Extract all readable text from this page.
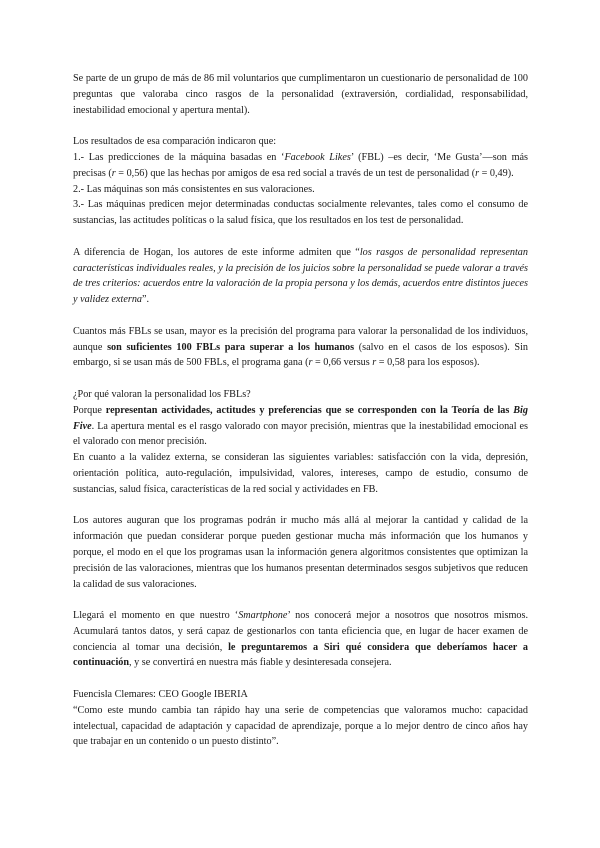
Se parte de un grupo de más de 86 mil voluntarios que cumplimentaron un cuestionario de personalidad de 100 preguntas que valoraba cinco rasgos de la personalidad (extraversión, cordialidad, responsabilidad, inestabilidad emocional y apertura mental).

Los resultados de esa comparación indicaron que:

1.- Las predicciones de la máquina basadas en ‘Facebook Likes’ (FBL) –es decir, ‘Me Gusta’—son más precisas (r = 0,56) que las hechas por amigos de esa red social a través de un test de personalidad (r = 0,49).

2.- Las máquinas son más consistentes en sus valoraciones.

3.- Las máquinas predicen mejor determinadas conductas socialmente relevantes, tales como el consumo de sustancias, las actitudes políticas o la salud física, que los resultados en los test de personalidad.

A diferencia de Hogan, los autores de este informe admiten que “los rasgos de personalidad representan características individuales reales, y la precisión de los juicios sobre la personalidad se puede valorar a través de tres criterios: acuerdos entre la valoración de la propia persona y los demás, acuerdos entre distintos jueces y validez externa”.

Cuantos más FBLs se usan, mayor es la precisión del programa para valorar la personalidad de los individuos, aunque son suficientes 100 FBLs para superar a los humanos (salvo en el casos de los esposos). Sin embargo, si se usan más de 500 FBLs, el programa gana (r = 0,66 versus r = 0,58 para los esposos).

¿Por qué valoran la personalidad los FBLs?

Porque representan actividades, actitudes y preferencias que se corresponden con la Teoría de las Big Five. La apertura mental es el rasgo valorado con mayor precisión, mientras que la inestabilidad emocional es el valorado con menor precisión.

En cuanto a la validez externa, se consideran las siguientes variables: satisfacción con la vida, depresión, orientación política, auto-regulación, impulsividad, valores, intereses, campo de estudio, consumo de sustancias, salud física, características de la red social y actividades en FB.

Los autores auguran que los programas podrán ir mucho más allá al mejorar la cantidad y calidad de la información que puedan considerar porque pueden gestionar mucha más información que los humanos y porque, el modo en el que los programas usan la información genera algoritmos consistentes que optimizan la precisión de las valoraciones, mientras que los humanos presentan determinados sesgos subjetivos que reducen la calidad de sus valoraciones.

Llegará el momento en que nuestro ‘Smartphone’ nos conocerá mejor a nosotros que nosotros mismos. Acumulará tantos datos, y será capaz de gestionarlos con tanta eficiencia que, en lugar de hacer examen de conciencia al tomar una decisión, le preguntaremos a Siri qué considera que deberíamos hacer a continuación, y se convertirá en nuestra más fiable y desinteresada consejera.

Fuencisla Clemares: CEO Google IBERIA

“Como este mundo cambia tan rápido hay una serie de competencias que valoramos mucho: capacidad intelectual, capacidad de adaptación y capacidad de aprendizaje, porque a lo mejor dentro de cinco años hay que trabajar en un contenido o un puesto distinto”.
